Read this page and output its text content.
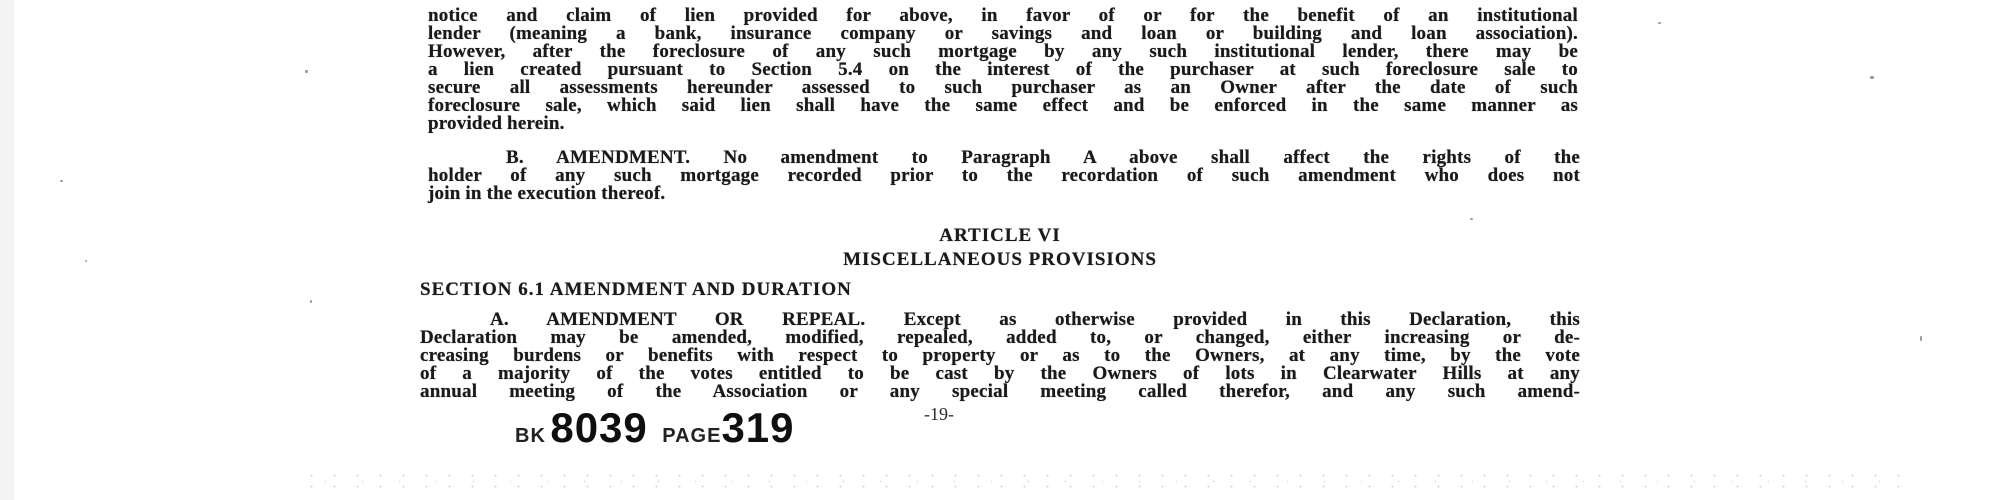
notice and claim of lien provided for above, in favor of or for the benefit of an institutional
lender (meaning a bank, insurance company or savings and loan or building and loan association).
However, after the foreclosure of any such mortgage by any such institutional lender, there may be
a lien created pursuant to Section 5.4 on the interest of the purchaser at such foreclosure sale to
secure all assessments hereunder assessed to such purchaser as an Owner after the date of such
foreclosure sale, which said lien shall have the same effect and be enforced in the same manner as
provided herein.
B. AMENDMENT. No amendment to Paragraph A above shall affect the rights of the
holder of any such mortgage recorded prior to the recordation of such amendment who does not
join in the execution thereof.
ARTICLE VI
MISCELLANEOUS PROVISIONS
SECTION 6.1 AMENDMENT AND DURATION
A. AMENDMENT OR REPEAL. Except as otherwise provided in this Declaration, this
Declaration may be amended, modified, repealed, added to, or changed, either increasing or de-
creasing burdens or benefits with respect to property or as to the Owners, at any time, by the vote
of a majority of the votes entitled to be cast by the Owners of lots in Clearwater Hills at any
annual meeting of the Association or any special meeting called therefor, and any such amend-
-19-
BK 8039 PAGE319
